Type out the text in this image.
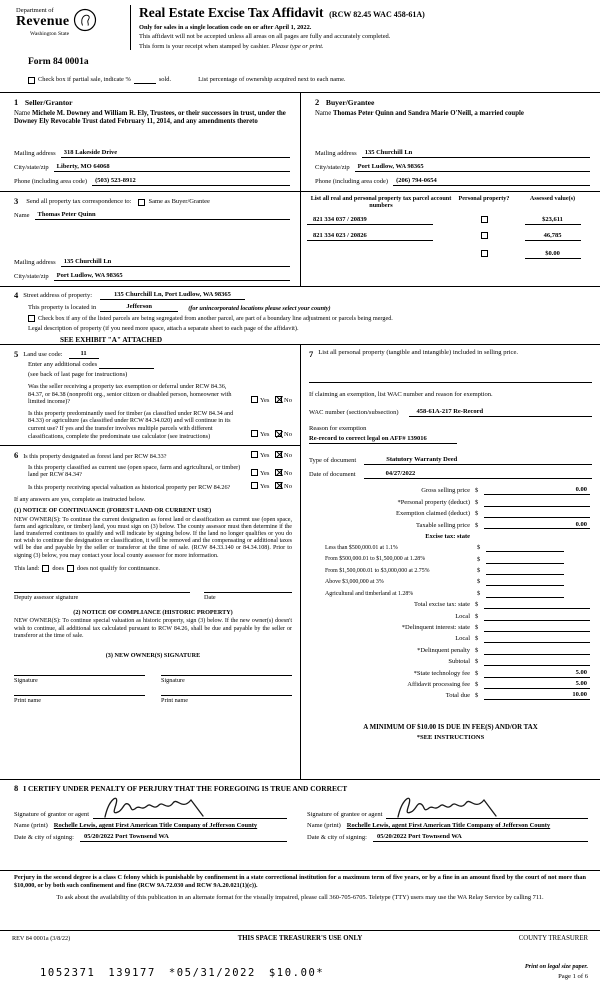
Department of
Revenue
Washington State
Real Estate Excise Tax Affidavit (RCW 82.45 WAC 458-61A)
Only for sales in a single location code on or after April 1, 2022.
This affidavit will not be accepted unless all areas on all pages are fully and accurately completed.
This form is your receipt when stamped by cashier. Please type or print.
Form 84 0001a
Check box if partial sale, indicate %	sold.	List percentage of ownership acquired next to each name.
1 Seller/Grantor
Name Michele M. Downey and William R. Ely, Trustees, or their successors in trust, under the Downey Ely Revocable Trust dated February 11, 2014, and any amendments thereto
Mailing address	318 Lakeside Drive
City/state/zip	Liberty, MO 64068
Phone (including area code)	(503) 523-8912
2 Buyer/Grantee
Name Thomas Peter Quinn and Sandra Marie O'Neill, a married couple
Mailing address	135 Churchill Ln
City/state/zip	Port Ludlow, WA 98365
Phone (including area code)	(206) 794-0654
3 Send all property tax correspondence to:	Same as Buyer/Grantee
Name	Thomas Peter Quinn
Mailing address	135 Churchill Ln
City/state/zip	Port Ludlow, WA 98365
List all real and personal property tax parcel account numbers
Personal property?	Assessed value(s)
821 334 037 / 20839	$23,611
821 334 023 / 20826	46,785
$0.00
4 Street address of property:	135 Churchill Ln, Port Ludlow, WA 98365
This property is located in	Jefferson	(for unincorporated locations please select your county)
Check box if any of the listed parcels are being segregated from another parcel, are part of a boundary line adjustment or parcels being merged.
Legal description of property (if you need more space, attach a separate sheet to each page of the affidavit).
SEE EXHIBIT "A" ATTACHED
5 Land use code:	11
Enter any additional codes
(see back of last page for instructions)
Was the seller receiving a property tax exemption or deferral under RCW 84.36, 84.37, or 84.38 (nonprofit org., senior citizen or disabled person, homeowner with limited income)?	Yes No
Is this property predominantly used for timber (as classified under RCW 84.34 and 84.33) or agriculture (as classified under RCW 84.34.020) and will continue in its current use? If yes and the transfer involves multiple parcels with different classifications, complete the predominate use calculator (see instructions)	Yes No
6 Is this property designated as forest land per RCW 84.33?	Yes No
Is this property classified as current use (open space, farm and agricultural, or timber) land per RCW 84.34?	Yes No
Is this property receiving special valuation as historical property per RCW 84.26?	Yes No
If any answers are yes, complete as instructed below.
(1) NOTICE OF CONTINUANCE (FOREST LAND OR CURRENT USE)
NEW OWNER(S): To continue the current designation as forest land or classification as current use (open space, farm and agriculture, or timber) land, you must sign on (3) below. The county assessor must then determine if the land transferred continues to qualify and will indicate by signing below. If the land no longer qualifies or you do not wish to continue the designation or classification, it will be removed and the compensating or additional taxes will be due and payable by the seller or transferor at the time of sale. (RCW 84.33.140 or 84.34.108). Prior to signing (3) below, you may contact your local county assessor for more information.
This land: does does not qualify for continuance.
Deputy assessor signature	Date
(2) NOTICE OF COMPLIANCE (HISTORIC PROPERTY)
NEW OWNER(S): To continue special valuation as historic property, sign (3) below. If the new owner(s) doesn't wish to continue, all additional tax calculated pursuant to RCW 84.26, shall be due and payable by the seller or transferor at the time of sale.
(3) NEW OWNER(S) SIGNATURE
Signature	Signature
Print name	Print name
7 List all personal property (tangible and intangible) included in selling price.
If claiming an exemption, list WAC number and reason for exemption.
WAC number (section/subsection)	458-61A-217 Re-Record
Reason for exemption
Re-record to correct legal on AFF# 139016
Type of document	Statutory Warranty Deed
Date of document	04/27/2022
Gross selling price $	0.00
*Personal property (deduct) $
Exemption claimed (deduct) $
Taxable selling price $	0.00
Excise tax: state
Less than $500,000.01 at 1.1%	$
From $500,000.01 to $1,500,000 at 1.28%	$
From $1,500,000.01 to $3,000,000 at 2.75%	$
Above $3,000,000 at 3%	$
Agricultural and timberland at 1.28%	$
Total excise tax: state $
Local $
*Delinquent interest: state $
Local $
*Delinquent penalty $
Subtotal $
*State technology fee $	5.00
Affidavit processing fee $	5.00
Total due $	10.00
A MINIMUM OF $10.00 IS DUE IN FEE(S) AND/OR TAX
*SEE INSTRUCTIONS
8 I CERTIFY UNDER PENALTY OF PERJURY THAT THE FOREGOING IS TRUE AND CORRECT
Signature of grantor or agent
Name (print) Rochelle Lewis, agent First American Title Company of Jefferson County
Date & city of signing:	05/20/2022 Port Townsend WA
Signature of grantee or agent
Name (print) Rochelle Lewis, agent First American Title Company of Jefferson County
Date & city of signing:	05/20/2022 Port Townsend WA
Perjury in the second degree is a class C felony which is punishable by confinement in a state correctional institution for a maximum term of five years, or by a fine in an amount fixed by the court of not more than $10,000, or by both such confinement and fine (RCW 9A.72.030 and RCW 9A.20.021(1)(c)).
To ask about the availability of this publication in an alternate format for the visually impaired, please call 360-705-6705. Teletype (TTY) users may use the WA Relay Service by calling 711.
REV 84 0001a (3/8/22)	THIS SPACE TREASURER'S USE ONLY	COUNTY TREASURER
1052371 139177 *05/31/2022 $10.00*
Print on legal size paper.
Page 1 of 6
